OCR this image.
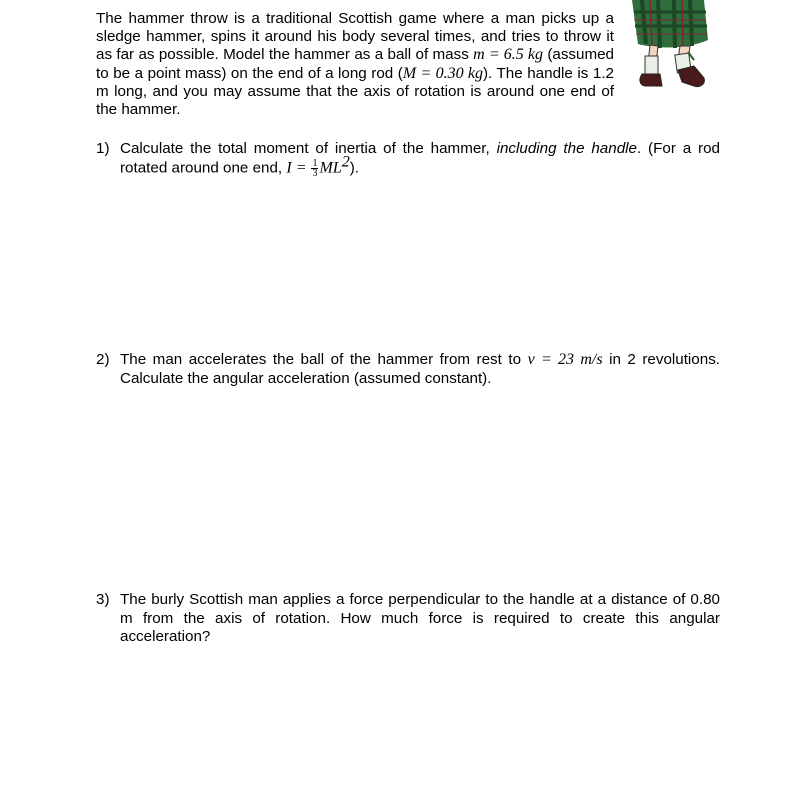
The hammer throw is a traditional Scottish game where a man picks up a sledge hammer, spins it around his body several times, and tries to throw it as far as possible. Model the hammer as a ball of mass m = 6.5 kg (assumed to be a point mass) on the end of a long rod (M = 0.30 kg). The handle is 1.2 m long, and you may assume that the axis of rotation is around one end of the hammer.
1) Calculate the total moment of inertia of the hammer, including the handle. (For a rod rotated around one end, $I = \frac{1}{3} ML^2$).
2) The man accelerates the ball of the hammer from rest to v = 23 m/s in 2 revolutions. Calculate the angular acceleration (assumed constant).
3) The burly Scottish man applies a force perpendicular to the handle at a distance of 0.80 m from the axis of rotation. How much force is required to create this angular acceleration?
